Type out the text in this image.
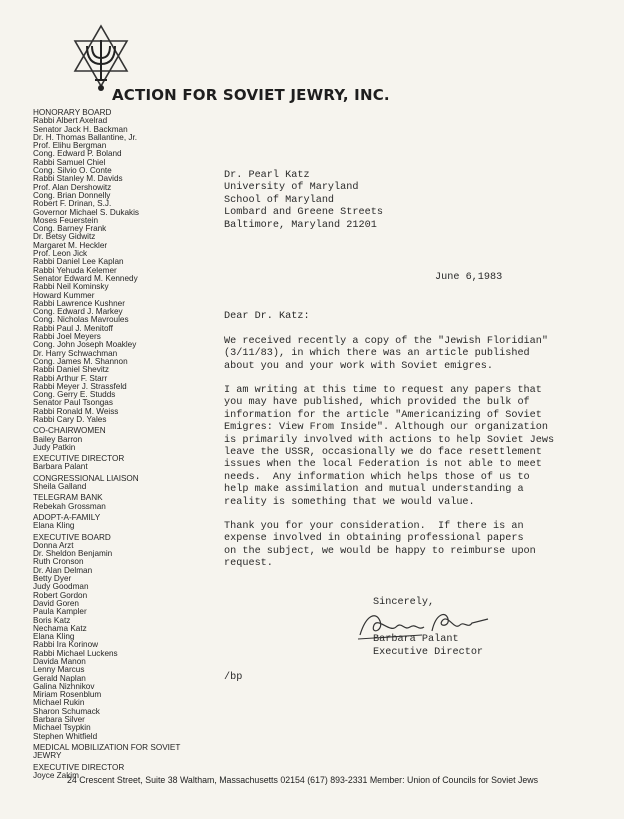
ACTION FOR SOVIET JEWRY, INC.
HONORARY BOARD
Rabbi Albert Axelrad
Senator Jack H. Backman
Dr. H. Thomas Ballantine, Jr.
Prof. Elihu Bergman
Cong. Edward P. Boland
Rabbi Samuel Chiel
Cong. Silvio O. Conte
Rabbi Stanley M. Davids
Prof. Alan Dershowitz
Cong. Brian Donnelly
Robert F. Drinan, S.J.
Governor Michael S. Dukakis
Moses Feuerstein
Cong. Barney Frank
Dr. Betsy Gidwitz
Margaret M. Heckler
Prof. Leon Jick
Rabbi Daniel Lee Kaplan
Rabbi Yehuda Kelemer
Senator Edward M. Kennedy
Rabbi Neil Kominsky
Howard Kummer
Rabbi Lawrence Kushner
Cong. Edward J. Markey
Cong. Nicholas Mavroules
Rabbi Paul J. Menitoff
Rabbi Joel Meyers
Cong. John Joseph Moakley
Dr. Harry Schwachman
Cong. James M. Shannon
Rabbi Daniel Shevitz
Rabbi Arthur F. Starr
Rabbi Meyer J. Strassfeld
Cong. Gerry E. Studds
Senator Paul Tsongas
Rabbi Ronald M. Weiss
Rabbi Cary D. Yales
CO-CHAIRWOMEN
Bailey Barron
Judy Patkin
EXECUTIVE DIRECTOR
Barbara Palant
CONGRESSIONAL LIAISON
Sheila Galland
TELEGRAM BANK
Rebekah Grossman
ADOPT-A-FAMILY
Elana Kling
EXECUTIVE BOARD
Donna Arzt
Dr. Sheldon Benjamin
Ruth Cronson
Dr. Alan Delman
Betty Dyer
Judy Goodman
Robert Gordon
David Goren
Paula Kampler
Boris Katz
Nechama Katz
Elana Kling
Rabbi Ira Korinow
Rabbi Michael Luckens
Davida Manon
Lenny Marcus
Gerald Naplan
Galina Nizhnikov
Miriam Rosenblum
Michael Rukin
Sharon Schumack
Barbara Silver
Michael Tsypkin
Stephen Whitfield
MEDICAL MOBILIZATION FOR SOVIET JEWRY
EXECUTIVE DIRECTOR
Joyce Zakim
Dr. Pearl Katz
University of Maryland
School of Maryland
Lombard and Greene Streets
Baltimore, Maryland 21201
June 6,1983
Dear Dr. Katz:
We received recently a copy of the "Jewish Floridian"
(3/11/83), in which there was an article published
about you and your work with Soviet emigres.
I am writing at this time to request any papers that
you may have published, which provided the bulk of
information for the article "Americanizing of Soviet
Emigres: View From Inside". Although our organization
is primarily involved with actions to help Soviet Jews
leave the USSR, occasionally we do face resettlement
issues when the local Federation is not able to meet
needs.  Any information which helps those of us to
help make assimilation and mutual understanding a
reality is something that we would value.
Thank you for your consideration.  If there is an
expense involved in obtaining professional papers
on the subject, we would be happy to reimburse upon
request.
Sincerely,
Barbara Palant
Executive Director
/bp
24 Crescent Street, Suite 38 Waltham, Massachusetts 02154 (617) 893-2331 Member: Union of Councils for Soviet Jews
